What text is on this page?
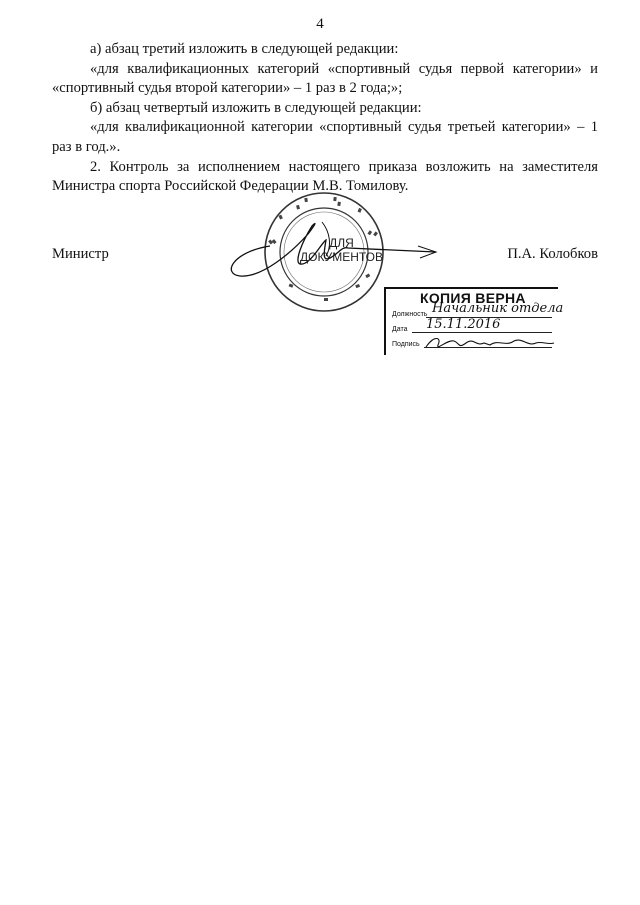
4

а) абзац третий изложить в следующей редакции:

«для квалификационных категорий «спортивный судья первой категории» и «спортивный судья второй категории» – 1 раз в 2 года;»;

б) абзац четвертый изложить в следующей редакции:

«для квалификационной категории «спортивный судья третьей категории» – 1 раз в год.».

2. Контроль за исполнением настоящего приказа возложить на заместителя Министра спорта Российской Федерации М.В. Томилову.

ДЛЯ
ДОКУМЕНТОВ
Министр	П.А. Колобков
КОПИЯ ВЕРНА
Должность Начальник отдела
Дата 15.11.2016
Подпись
